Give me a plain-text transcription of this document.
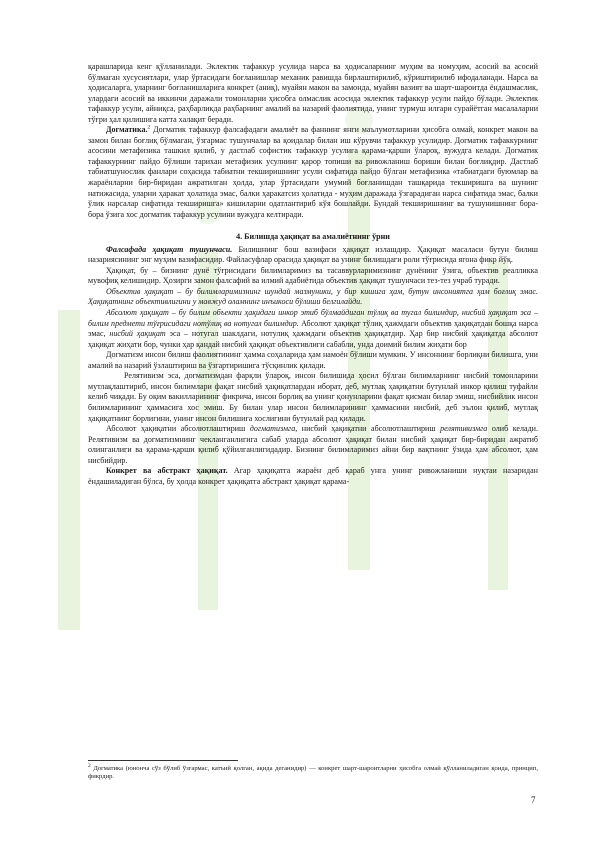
қарашларида кенг қўлланилади. Эклектик тафаккур усулида нарса ва ҳодисаларнинг муҳим ва номуҳим, асосий ва асосий бўлмаган хусусиятлари, улар ўртасидаги боғланишлар механик равишда бирлаштирилиб, кўриштирилиб ифодаланади. Нарса ва ҳодисаларга, уларнинг боғланишларига конкрет (аниқ), муайян макон ва замонда, муайян вазият ва шарт-шароитда ёндашмаслик, улардаги асосий ва иккинчи даражали томонларни ҳисобга олмаслик асосида эклектик тафаккур усули пайдо бўлади. Эклектик тафаккур усули, айниқса, раҳбарликда раҳбарнинг амалий ва назарий фаолиятида, унинг турмуш илғари сурайётган масалаларни тўғри ҳал қилишига катта халақит беради.

Догматика.$^2$ Догматик тафаккур фалсафадаги амалиёт ва фаннинг янги маълумотларини ҳисобга олмай, конкрет макон ва замон билан боғлиқ бўлмаган, ўзгармас тушунчалар ва қоидалар билан иш кўрувчи тафаккур усулидир. Догматик тафаккурнинг асосини метафизика ташкил қилиб, у дастлаб софистик тафаккур усулига қарама-қарши ўлароқ, вужудга келади. Догматик тафаккурнинг пайдо бўлиши тарихан метафизик усулнинг қарор топиши ва ривожланиш бориши билан боғлиқдир. Дастлаб табиатшунослик фанлари соҳасида табиатни текширишнинг усули сифатида пайдо бўлган метафизика «табиатдаги буюмлар ва жараёнларни бир-биридан ажратилган ҳолда, улар ўртасидаги умумий боғланишдан ташқарида текширишга ва шунинг натижасида, уларни ҳаракат ҳолатида эмас, балки ҳаракатсиз ҳолатида - муҳим даражада ўзгарадиган нарса сифатида эмас, балки ўлик нарсалар сифатида текширишга» кишиларни одатлантириб кўя бошлайди. Бундай текширишнинг ва тушунишнинг бора-бора ўзига хос догматик тафаккур усулини вужудга келтиради.

4. Билишда ҳақиқат ва амалиётнинг ўрни

Фалсафада ҳақиқат тушунчаси. Билишнинг бош вазифаси ҳақиқат излашдир. Ҳақиқат масаласи бутун билиш назариясининг энг муҳим вазифасидир. Файласуфлар орасида ҳақиқат ва унинг билишдаги роли тўғрисида ягона фикр йўқ.

Ҳақиқат, бу – бизнинг дунё тўғрисидаги билимларимиз ва тасаввурларимизнинг дунёнинг ўзига, объектив реалликка мувофиқ келишидир. Ҳозирги замон фалсафий ва илмий адабиётида объектив ҳақиқат тушунчаси тез-тез учраб туради.

Объектив ҳақиқат – бу билимларимизнинг шундай мазмуники, у бир кишига ҳам, бутун инсониятга ҳам боғлиқ эмас. Ҳақиқатнинг объективлигини у мавжуд оламнинг инъикоси бўлиши белгилайди.

Абсолют ҳақиқат – бу билим объекти ҳақидаги инкор этиб бўлмайдиган тўлиқ ва тугал билимдир, нисбий ҳақиқат эса – билим предмети тўғрисидаги нотўлиқ ва нотугал билимдир. Абсолют ҳақиқат тўлиқ ҳажмдаги объектив ҳақиқатдан бошқа нарса эмас, нисбий ҳақиқат эса – нотугал шаклдаги, нотулиқ ҳажмдаги объектив ҳақиқатдир. Ҳар бир нисбий ҳақиқатда абсолют ҳақиқат жиҳати бор, чунки ҳар қандай нисбий ҳақиқат объективлиги сабабли, унда доимий билим жиҳати бор

Догматизм инсон билиш фаолиятининг ҳамма соҳаларида ҳам намоён бўлиши мумкин. У инсоннинг борлиқни билишга, уни амалий ва назарий ўзлаштириш ва ўзгартиришига тўсқинлик қилади.

Релятивизм эса, догматизмдан фарқли ўлароқ, инсон билишида ҳосил бўлган билимларнинг нисбий томонларини мутлақлаштириб, инсон билимлари фақат нисбий ҳақиқатлардан иборат, деб, мутлақ ҳақиқатни бутунлай инкор қилиш туфайли келиб чиқади. Бу оқим вакилларининг фикрича, инсон борлиқ ва унинг қонунларини фақат қисман билар эмиш, нисбийлик инсон билимларининг ҳаммасига хос эмиш. Бу билан улар инсон билимларининг ҳаммасини нисбий, деб эълон қилиб, мутлақ ҳақиқатнинг борлигини, унинг инсон билишига хослигини бутунлай рад қилади.

Абсолют ҳақиқатни абсолютлаштириш догматизмга, нисбий ҳақиқатни абсолютлаштириш релятивизмга олиб келади. Релятивизм ва догматизмнинг чекланганлигига сабаб уларда абсолют ҳақиқат билан нисбий ҳақиқат бир-биридан ажратиб олинганлиги ва қарама-қарши қилиб қўйилганлигидадир. Бизнинг билимларимиз айни бир вақтнинг ўзида ҳам абсолют, ҳам нисбийдир.

Конкрет ва абстракт ҳақиқат. Агар ҳақиқатга жараён деб қараб унга унинг ривожланиши нуқтаи назаридан ёндашиладиган бўлса, бу ҳолда конкрет ҳақиқатга абстракт ҳақиқат қарама-

$^2$ Догматика (юнонча сўз бўлиб ўзгармас, катъий қолган, ақида деганидир) — конкрет шарт-шароитларни ҳисобга олмай қўлланиладиган қоида, принцип, фикрдир.

7
